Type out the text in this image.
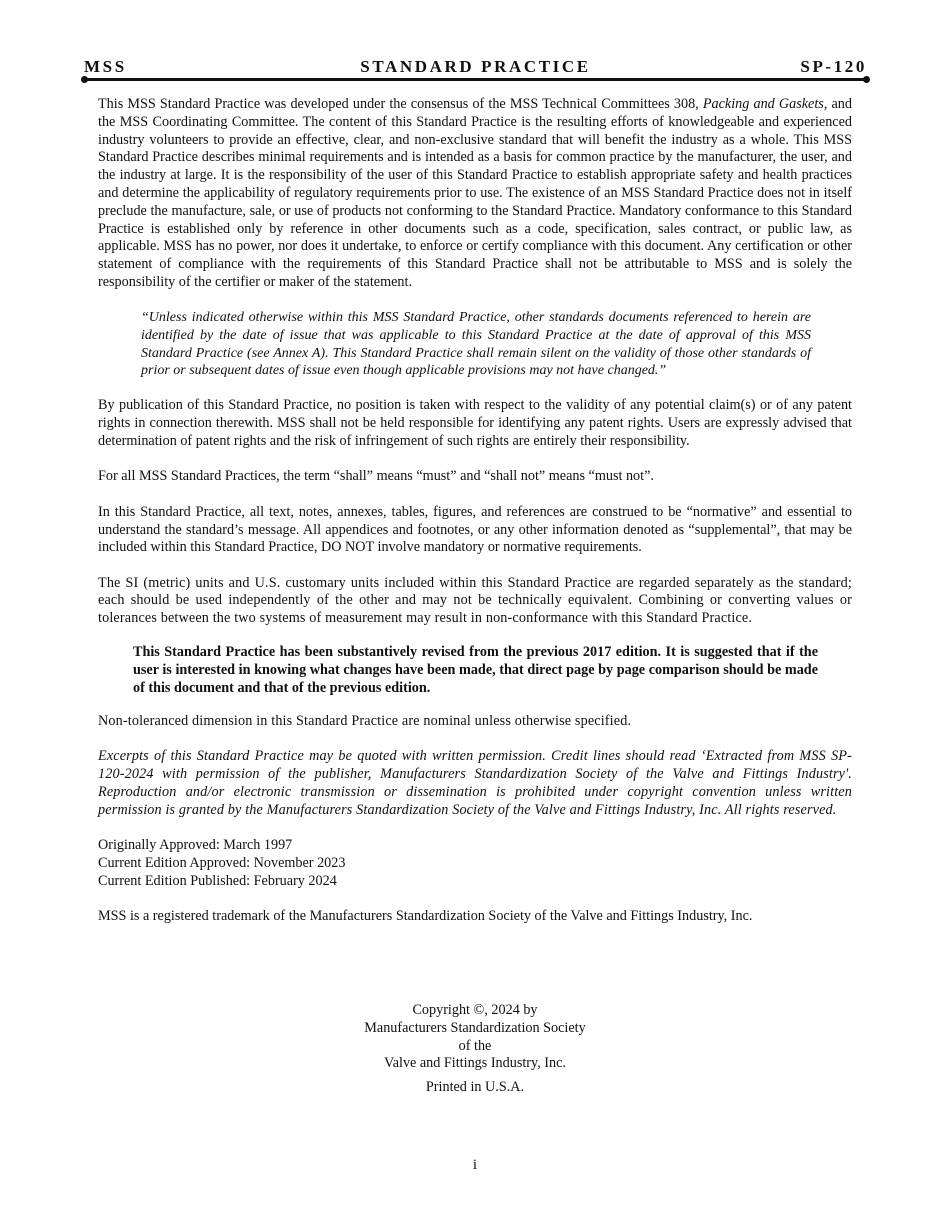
MSS	STANDARD PRACTICE	SP-120

This MSS Standard Practice was developed under the consensus of the MSS Technical Committees 308, Packing and Gaskets, and the MSS Coordinating Committee. The content of this Standard Practice is the resulting efforts of knowledgeable and experienced industry volunteers to provide an effective, clear, and non-exclusive standard that will benefit the industry as a whole. This MSS Standard Practice describes minimal requirements and is intended as a basis for common practice by the manufacturer, the user, and the industry at large. It is the responsibility of the user of this Standard Practice to establish appropriate safety and health practices and determine the applicability of regulatory requirements prior to use. The existence of an MSS Standard Practice does not in itself preclude the manufacture, sale, or use of products not conforming to the Standard Practice. Mandatory conformance to this Standard Practice is established only by reference in other documents such as a code, specification, sales contract, or public law, as applicable. MSS has no power, nor does it undertake, to enforce or certify compliance with this document. Any certification or other statement of compliance with the requirements of this Standard Practice shall not be attributable to MSS and is solely the responsibility of the certifier or maker of the statement.

“Unless indicated otherwise within this MSS Standard Practice, other standards documents referenced to herein are identified by the date of issue that was applicable to this Standard Practice at the date of approval of this MSS Standard Practice (see Annex A). This Standard Practice shall remain silent on the validity of those other standards of prior or subsequent dates of issue even though applicable provisions may not have changed.”

By publication of this Standard Practice, no position is taken with respect to the validity of any potential claim(s) or of any patent rights in connection therewith. MSS shall not be held responsible for identifying any patent rights. Users are expressly advised that determination of patent rights and the risk of infringement of such rights are entirely their responsibility.

For all MSS Standard Practices, the term “shall” means “must” and “shall not” means “must not”.

In this Standard Practice, all text, notes, annexes, tables, figures, and references are construed to be “normative” and essential to understand the standard’s message. All appendices and footnotes, or any other information denoted as “supplemental”, that may be included within this Standard Practice, DO NOT involve mandatory or normative requirements.

The SI (metric) units and U.S. customary units included within this Standard Practice are regarded separately as the standard; each should be used independently of the other and may not be technically equivalent. Combining or converting values or tolerances between the two systems of measurement may result in non-conformance with this Standard Practice.

This Standard Practice has been substantively revised from the previous 2017 edition. It is suggested that if the user is interested in knowing what changes have been made, that direct page by page comparison should be made of this document and that of the previous edition.

Non-toleranced dimension in this Standard Practice are nominal unless otherwise specified.

Excerpts of this Standard Practice may be quoted with written permission. Credit lines should read ‘Extracted from MSS SP-120-2024 with permission of the publisher, Manufacturers Standardization Society of the Valve and Fittings Industry'. Reproduction and/or electronic transmission or dissemination is prohibited under copyright convention unless written permission is granted by the Manufacturers Standardization Society of the Valve and Fittings Industry, Inc. All rights reserved.

Originally Approved: March 1997

Current Edition Approved: November 2023

Current Edition Published: February 2024

MSS is a registered trademark of the Manufacturers Standardization Society of the Valve and Fittings Industry, Inc.

Copyright ©, 2024 by
Manufacturers Standardization Society
of the
Valve and Fittings Industry, Inc.
Printed in U.S.A.
i
